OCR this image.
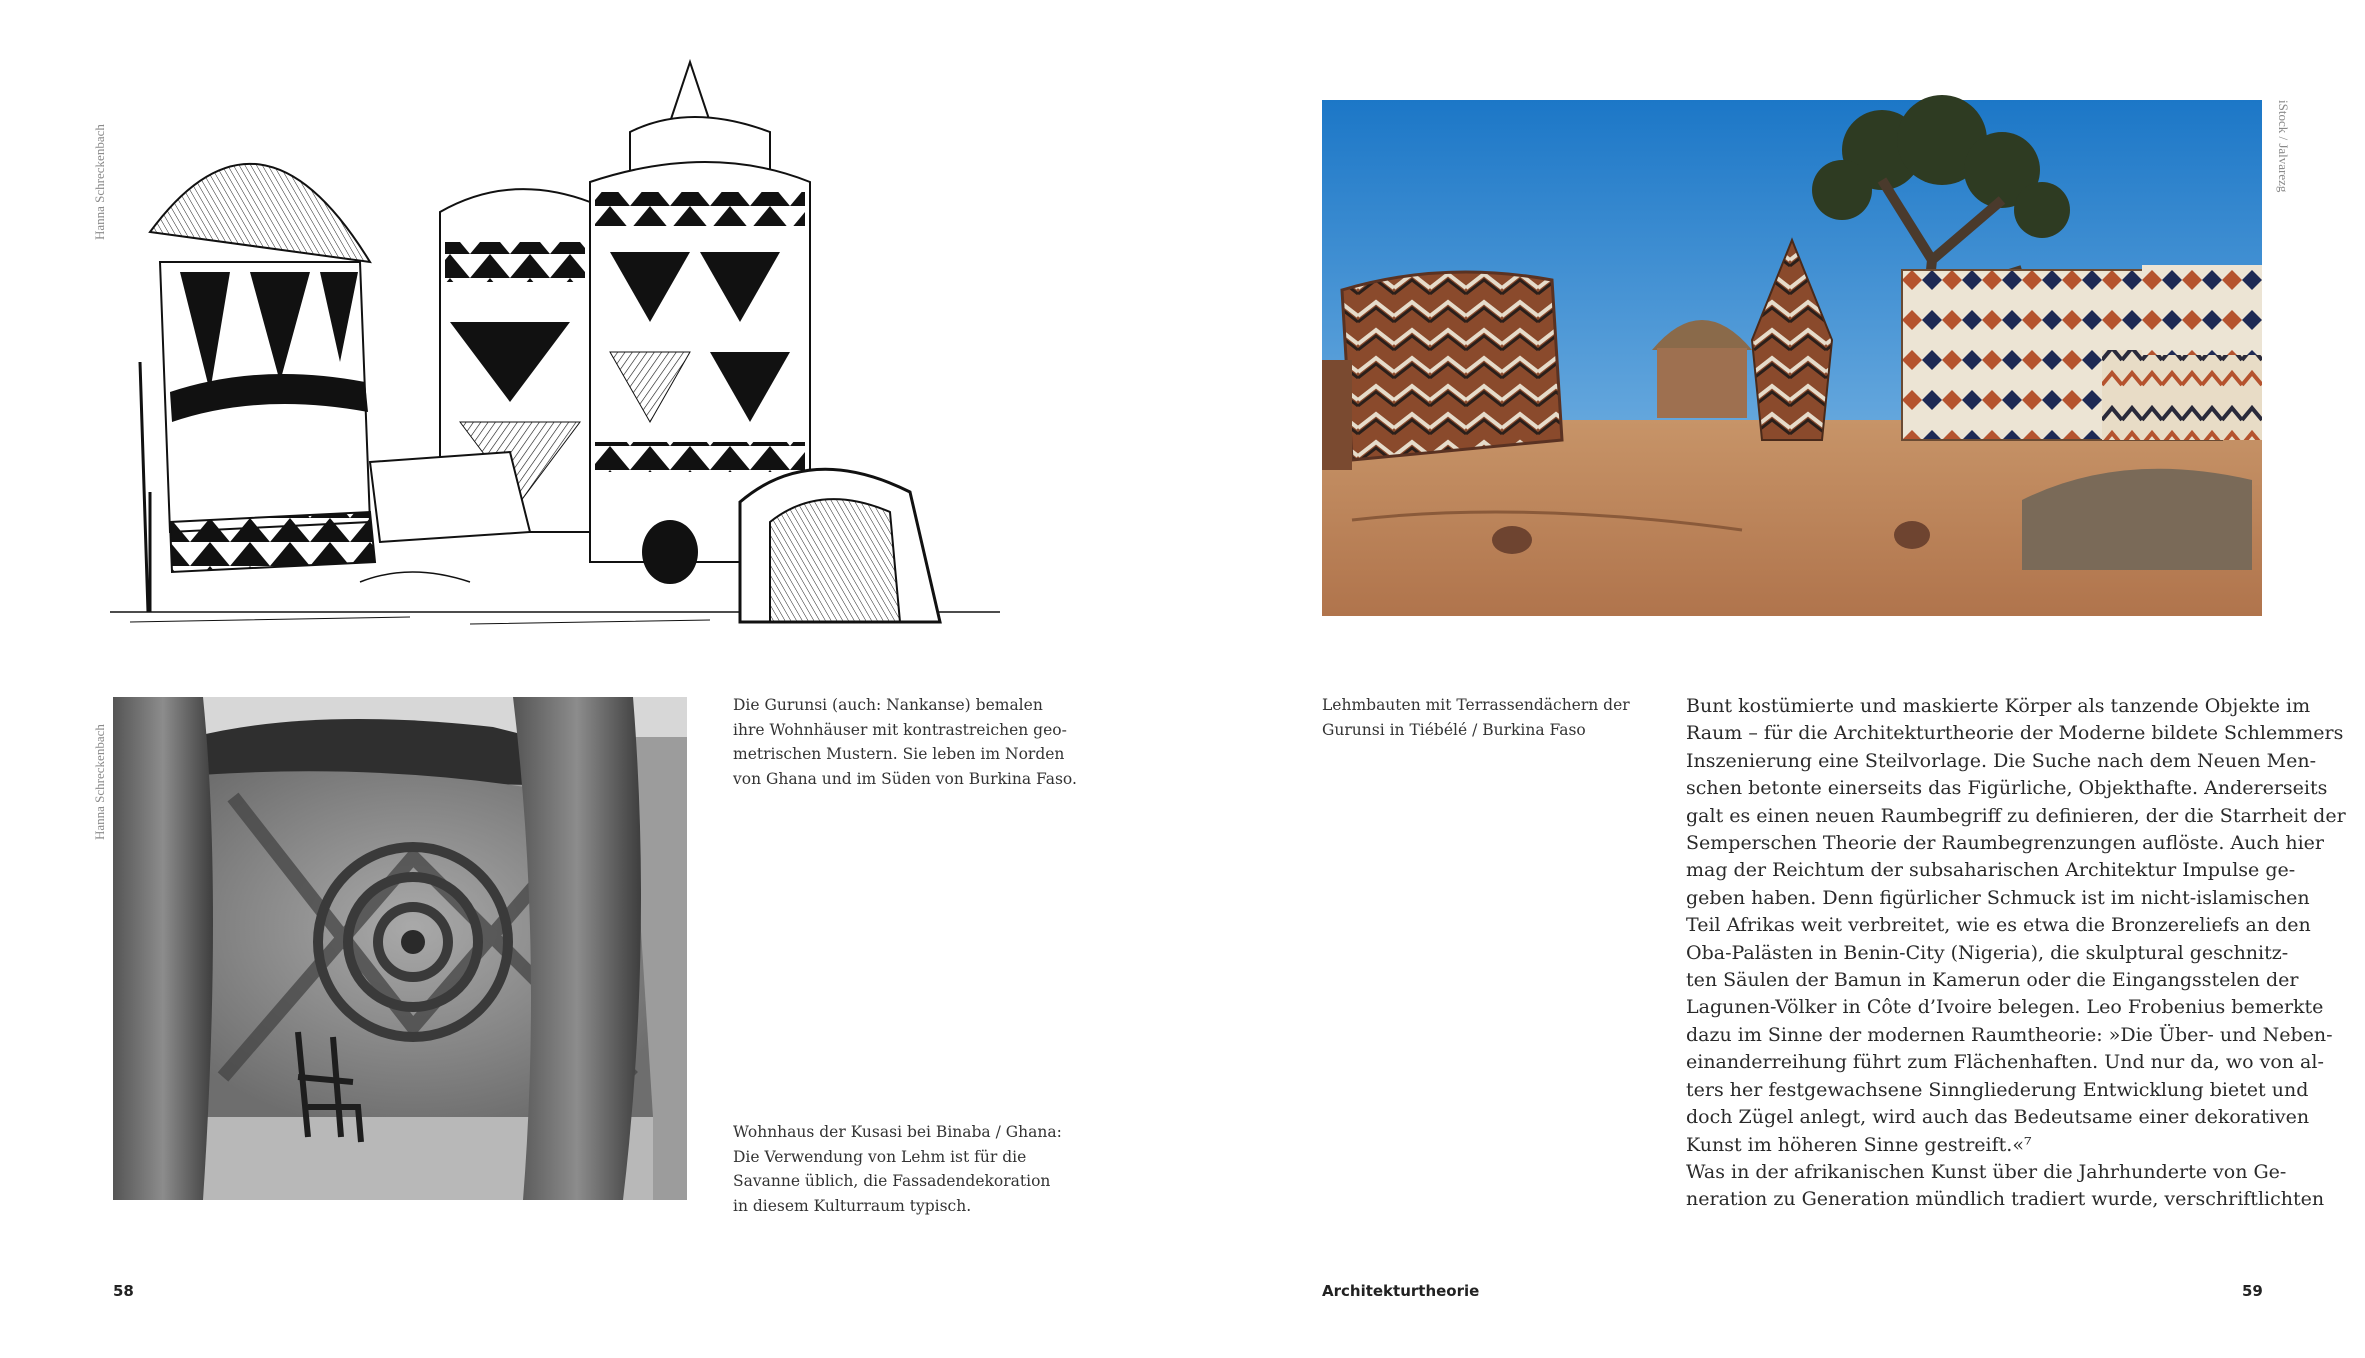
Hanna Schreckenbach
Hanna Schreckenbach

Die Gurunsi (auch: Nankanse) bemalen

ihre Wohnhäuser mit kontrastreichen geo-

metrischen Mustern. Sie leben im Norden

von Ghana und im Süden von Burkina Faso.

Wohnhaus der Kusasi bei Binaba / Ghana:

Die Verwendung von Lehm ist für die

Savanne üblich, die Fassadendekoration

in diesem Kulturraum typisch.

iStock / Jalvarezg

Lehmbauten mit Terrassendächern der

Gurunsi in Tiébélé / Burkina Faso

Bunt kostümierte und maskierte Körper als tanzende Objekte im

Raum – für die Architekturtheorie der Moderne bildete Schlemmers

Inszenierung eine Steilvorlage. Die Suche nach dem Neuen Men-

schen betonte einerseits das Figürliche, Objekthafte. Andererseits

galt es einen neuen Raumbegriff zu definieren, der die Starrheit der

Semperschen Theorie der Raumbegrenzungen auflöste. Auch hier

mag der Reichtum der subsaharischen Architektur Impulse ge-

geben haben. Denn figürlicher Schmuck ist im nicht-islamischen

Teil Afrikas weit verbreitet, wie es etwa die Bronzereliefs an den

Oba-Palästen in Benin-City (Nigeria), die skulptural geschnitz-

ten Säulen der Bamun in Kamerun oder die Eingangsstelen der

Lagunen-Völker in Côte d’Ivoire belegen. Leo Frobenius bemerkte

dazu im Sinne der modernen Raumtheorie: »Die Über- und Neben-

einanderreihung führt zum Flächenhaften. Und nur da, wo von al-

ters her festgewachsene Sinngliederung Entwicklung bietet und

doch Zügel anlegt, wird auch das Bedeutsame einer dekorativen

Kunst im höheren Sinne gestreift.«⁷

Was in der afrikanischen Kunst über die Jahrhunderte von Ge-

neration zu Generation mündlich tradiert wurde, verschriftlichten

58	Architekturtheorie	59
